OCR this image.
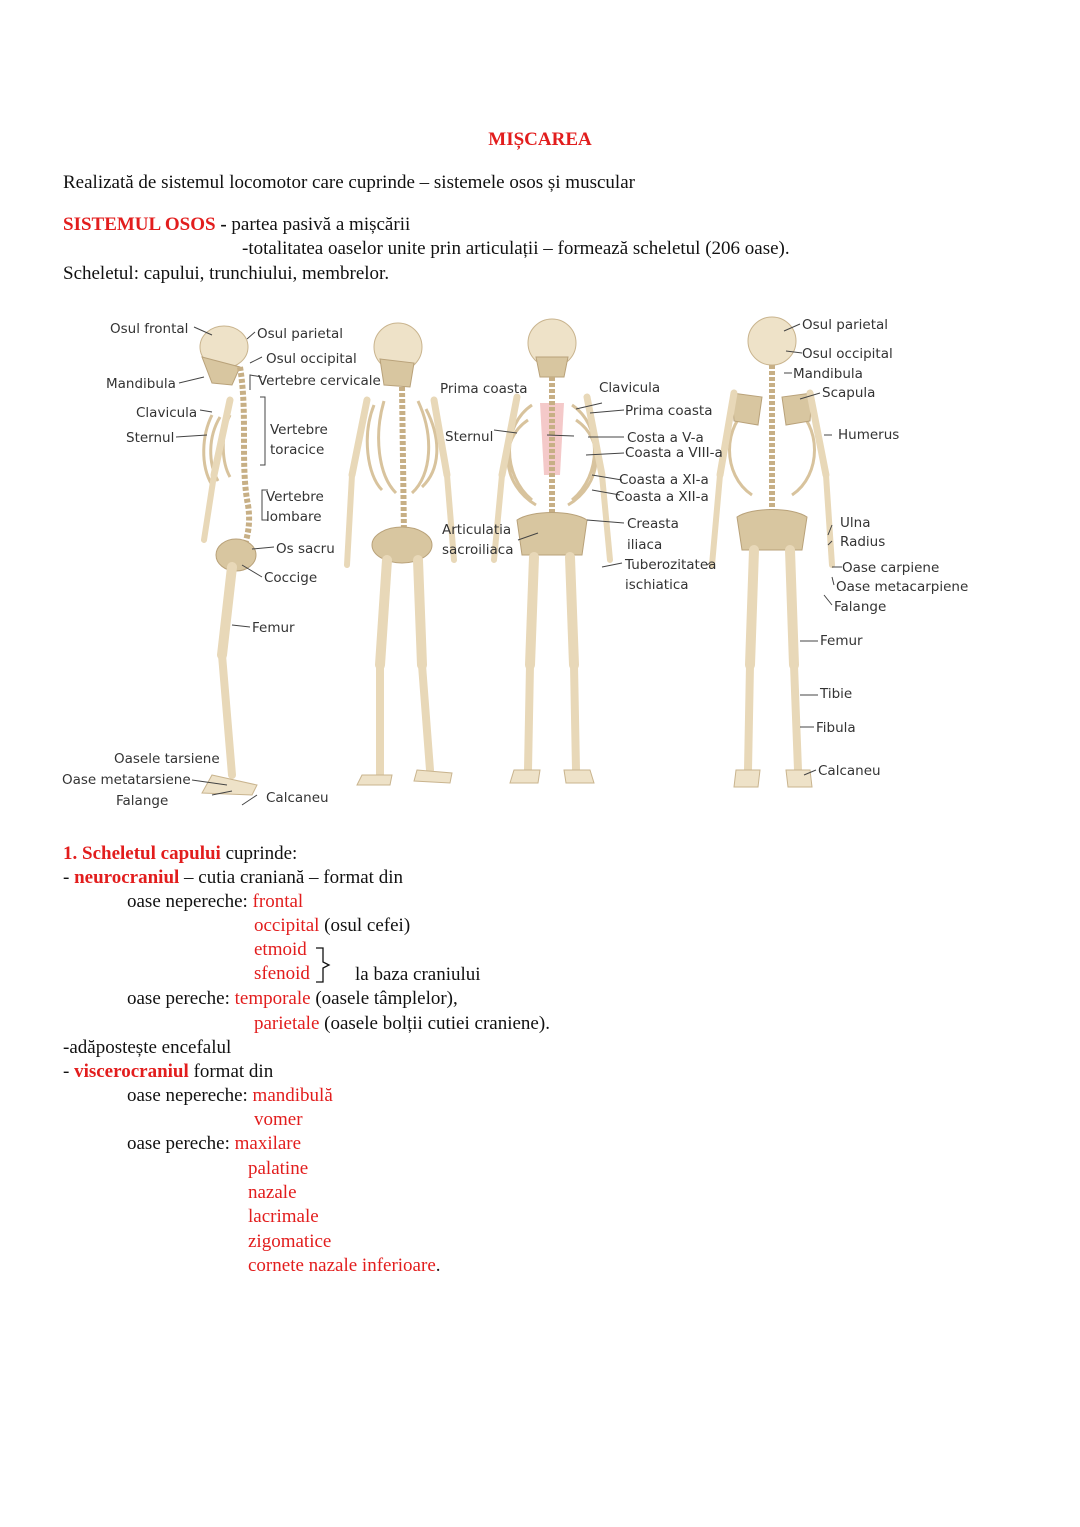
MIȘCAREA
Realizată de sistemul locomotor care cuprinde – sistemele osos și muscular
SISTEMUL OSOS - partea pasivă a mișcării
-totalitatea oaselor unite prin articulații – formează scheletul (206 oase).
Scheletul: capului, trunchiului, membrelor.
Osul frontal	Osul parietal
Osul occipital
Mandibula	Vertebre cervicale
Clavicula
Sternul	Vertebre
toracice
Vertebre
lombare
Os sacru
Coccige
Femur
Oasele tarsiene
Oase metatarsiene
Falange	Calcaneu
Prima coasta
Sternul
Clavicula
Prima coasta
Costa a V-a
Coasta a VIII-a
Coasta a XI-a
Coasta a XII-a
Articulatia
sacroiliaca
Creasta
iliaca
Tuberozitatea
ischiatica
Osul parietal
Osul occipital
Mandibula
Scapula
Humerus
Ulna
Radius
Oase carpiene
Oase metacarpiene
Falange
Femur
Tibie
Fibula
Calcaneu
1. Scheletul capului cuprinde:
- neurocraniul – cutia craniană – format din
oase nepereche: frontal
occipital (osul cefei)
etmoid
sfenoid la baza craniului
oase pereche: temporale (oasele tâmplelor),
parietale (oasele bolții cutiei craniene).
-adăpostește encefalul
- viscerocraniul format din
oase nepereche: mandibulă
vomer
oase pereche: maxilare
palatine
nazale
lacrimale
zigomatice
cornete nazale inferioare.
